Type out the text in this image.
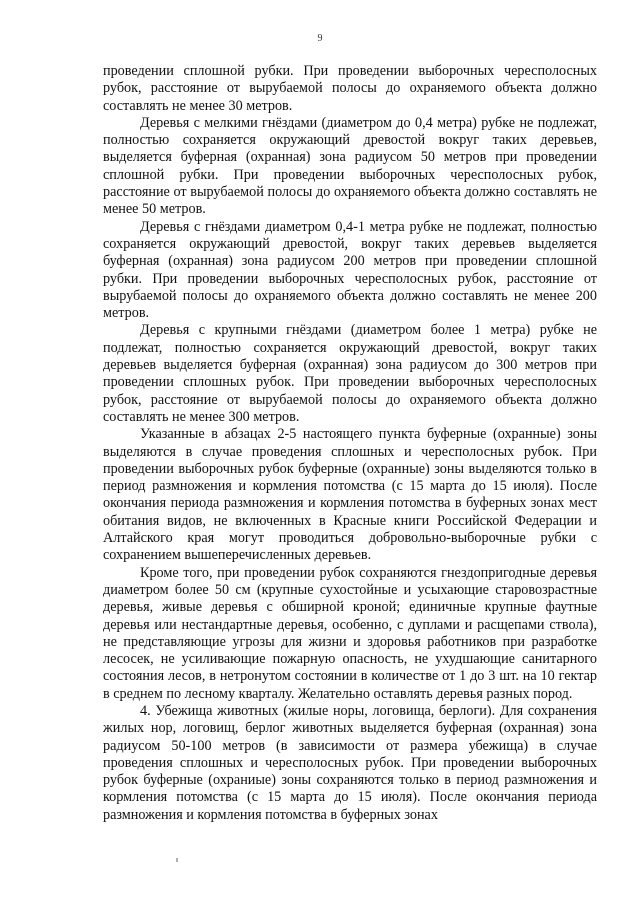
9

проведении сплошной рубки. При проведении выборочных чересполосных рубок, расстояние от вырубаемой полосы до охраняемого объекта должно составлять не менее 30 метров.

Деревья с мелкими гнёздами (диаметром до 0,4 метра) рубке не подлежат, полностью сохраняется окружающий древостой вокруг таких деревьев, выделяется буферная (охранная) зона радиусом 50 метров при проведении сплошной рубки. При проведении выборочных чересполосных рубок, расстояние от вырубаемой полосы до охраняемого объекта должно составлять не менее 50 метров.

Деревья с гнёздами диаметром 0,4-1 метра рубке не подлежат, полностью сохраняется окружающий древостой, вокруг таких деревьев выделяется буферная (охранная) зона радиусом 200 метров при проведении сплошной рубки. При проведении выборочных чересполосных рубок, расстояние от вырубаемой полосы до охраняемого объекта должно составлять не менее 200 метров.

Деревья с крупными гнёздами (диаметром более 1 метра) рубке не подлежат, полностью сохраняется окружающий древостой, вокруг таких деревьев выделяется буферная (охранная) зона радиусом до 300 метров при проведении сплошных рубок. При проведении выборочных чересполосных рубок, расстояние от вырубаемой полосы до охраняемого объекта должно составлять не менее 300 метров.

Указанные в абзацах 2-5 настоящего пункта буферные (охранные) зоны выделяются в случае проведения сплошных и чересполосных рубок. При проведении выборочных рубок буферные (охранные) зоны выделяются только в период размножения и кормления потомства (с 15 марта до 15 июля). После окончания периода размножения и кормления потомства в буферных зонах мест обитания видов, не включенных в Красные книги Российской Федерации и Алтайского края могут проводиться добровольно-выборочные рубки с сохранением вышеперечисленных деревьев.

Кроме того, при проведении рубок сохраняются гнездопригодные деревья диаметром более 50 см (крупные сухостойные и усыхающие старовозрастные деревья, живые деревья с обширной кроной; единичные крупные фаутные деревья или нестандартные деревья, особенно, с дуплами и расщепами ствола), не представляющие угрозы для жизни и здоровья работников при разработке лесосек, не усиливающие пожарную опасность, не ухудшающие санитарного состояния лесов, в нетронутом состоянии в количестве от 1 до 3 шт. на 10 гектар в среднем по лесному кварталу. Желательно оставлять деревья разных пород.

4. Убежища животных (жилые норы, логовища, берлоги). Для сохранения жилых нор, логовищ, берлог животных выделяется буферная (охранная) зона радиусом 50-100 метров (в зависимости от размера убежища) в случае проведения сплошных и чересполосных рубок. При проведении выборочных рубок буферные (охраниые) зоны сохраняются только в период размножения и кормления потомства (с 15 марта до 15 июля). После окончания периода размножения и кормления потомства в буферных зонах
